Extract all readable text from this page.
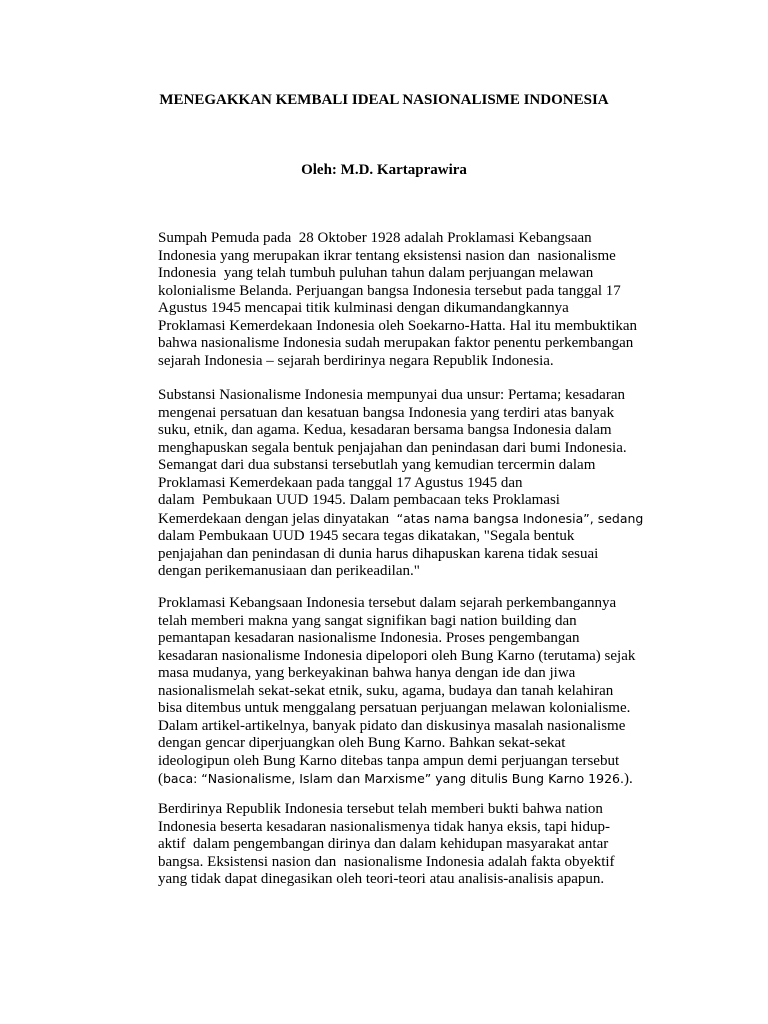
MENEGAKKAN KEMBALI IDEAL NASIONALISME INDONESIA
Oleh: M.D. Kartaprawira

Sumpah Pemuda pada  28 Oktober 1928 adalah Proklamasi Kebangsaan
Indonesia yang merupakan ikrar tentang eksistensi nasion dan  nasionalisme
Indonesia  yang telah tumbuh puluhan tahun dalam perjuangan melawan
kolonialisme Belanda. Perjuangan bangsa Indonesia tersebut pada tanggal 17
Agustus 1945 mencapai titik kulminasi dengan dikumandangkannya
Proklamasi Kemerdekaan Indonesia oleh Soekarno-Hatta. Hal itu membuktikan
bahwa nasionalisme Indonesia sudah merupakan faktor penentu perkembangan
sejarah Indonesia – sejarah berdirinya negara Republik Indonesia.

Substansi Nasionalisme Indonesia mempunyai dua unsur: Pertama; kesadaran
mengenai persatuan dan kesatuan bangsa Indonesia yang terdiri atas banyak
suku, etnik, dan agama. Kedua, kesadaran bersama bangsa Indonesia dalam
menghapuskan segala bentuk penjajahan dan penindasan dari bumi Indonesia.
Semangat dari dua substansi tersebutlah yang kemudian tercermin dalam
Proklamasi Kemerdekaan pada tanggal 17 Agustus 1945 dan
dalam  Pembukaan UUD 1945. Dalam pembacaan teks Proklamasi
Kemerdekaan dengan jelas dinyatakan  “atas nama bangsa Indonesia”, sedang
dalam Pembukaan UUD 1945 secara tegas dikatakan, "Segala bentuk
penjajahan dan penindasan di dunia harus dihapuskan karena tidak sesuai
dengan perikemanusiaan dan perikeadilan."

Proklamasi Kebangsaan Indonesia tersebut dalam sejarah perkembangannya
telah memberi makna yang sangat signifikan bagi nation building dan
pemantapan kesadaran nasionalisme Indonesia. Proses pengembangan
kesadaran nasionalisme Indonesia dipelopori oleh Bung Karno (terutama) sejak
masa mudanya, yang berkeyakinan bahwa hanya dengan ide dan jiwa
nasionalismelah sekat-sekat etnik, suku, agama, budaya dan tanah kelahiran
bisa ditembus untuk menggalang persatuan perjuangan melawan kolonialisme.
Dalam artikel-artikelnya, banyak pidato dan diskusinya masalah nasionalisme
dengan gencar diperjuangkan oleh Bung Karno. Bahkan sekat-sekat
ideologipun oleh Bung Karno ditebas tanpa ampun demi perjuangan tersebut
(baca: “Nasionalisme, Islam dan Marxisme” yang ditulis Bung Karno 1926.).

Berdirinya Republik Indonesia tersebut telah memberi bukti bahwa nation
Indonesia beserta kesadaran nasionalismenya tidak hanya eksis, tapi hidup-
aktif  dalam pengembangan dirinya dan dalam kehidupan masyarakat antar
bangsa. Eksistensi nasion dan  nasionalisme Indonesia adalah fakta obyektif
yang tidak dapat dinegasikan oleh teori-teori atau analisis-analisis apapun.
